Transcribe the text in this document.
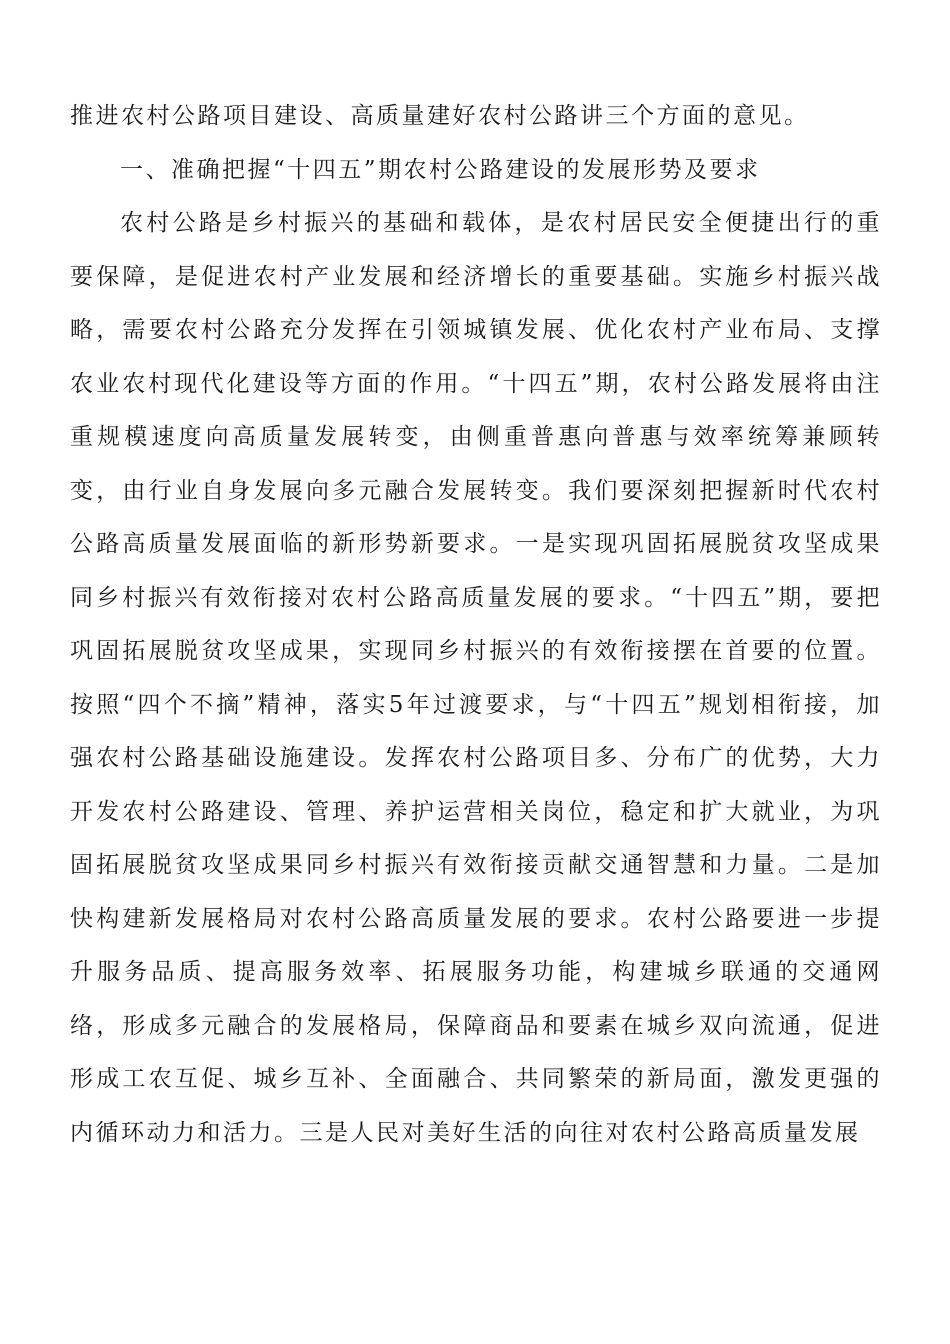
推进农村公路项目建设、高质量建好农村公路讲三个方面的意见。

一、准确把握“十四五”期农村公路建设的发展形势及要求

农村公路是乡村振兴的基础和载体，是农村居民安全便捷出行的重要保障，是促进农村产业发展和经济增长的重要基础。实施乡村振兴战略，需要农村公路充分发挥在引领城镇发展、优化农村产业布局、支撑农业农村现代化建设等方面的作用。“十四五”期，农村公路发展将由注重规模速度向高质量发展转变，由侧重普惠向普惠与效率统筹兼顾转变，由行业自身发展向多元融合发展转变。我们要深刻把握新时代农村公路高质量发展面临的新形势新要求。一是实现巩固拓展脱贫攻坚成果同乡村振兴有效衔接对农村公路高质量发展的要求。“十四五”期，要把巩固拓展脱贫攻坚成果，实现同乡村振兴的有效衔接摆在首要的位置。按照“四个不摘”精神，落实5年过渡要求，与“十四五”规划相衔接，加强农村公路基础设施建设。发挥农村公路项目多、分布广的优势，大力开发农村公路建设、管理、养护运营相关岗位，稳定和扩大就业，为巩固拓展脱贫攻坚成果同乡村振兴有效衔接贡献交通智慧和力量。二是加快构建新发展格局对农村公路高质量发展的要求。农村公路要进一步提升服务品质、提高服务效率、拓展服务功能，构建城乡联通的交通网络，形成多元融合的发展格局，保障商品和要素在城乡双向流通，促进形成工农互促、城乡互补、全面融合、共同繁荣的新局面，激发更强的内循环动力和活力。三是人民对美好生活的向往对农村公路高质量发展
